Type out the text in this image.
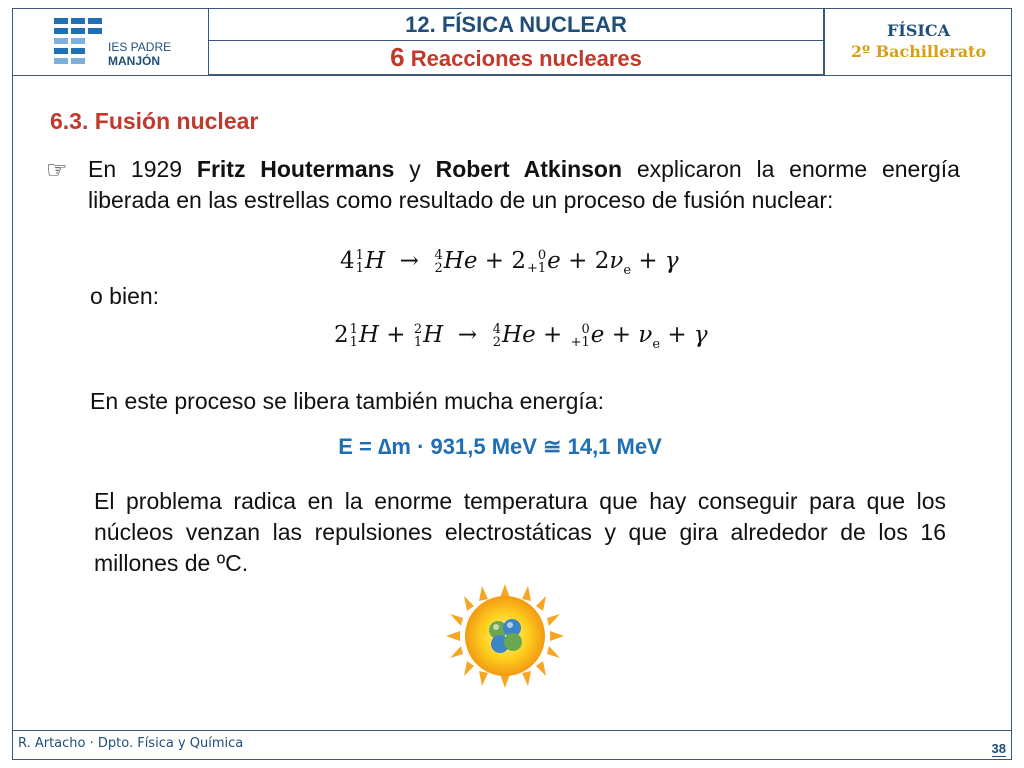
IES PADRE
MANJÓN
12. FÍSICA NUCLEAR
6 Reacciones nucleares
FÍSICA
2º Bachillerato
6.3. Fusión nuclear
☞ En 1929 Fritz Houtermans y Robert Atkinson explicaron la enorme energía liberada en las estrellas como resultado de un proceso de fusión nuclear:
4 1
1 H  → 4
2 He + 2 0
+1 $e + 2\nu_e + \gamma$
o bien:
2 1
1 H + 2
1 H  → 4
2 He +	0
+1 $e + \nu_e + \gamma$
En este proceso se libera también mucha energía:
E = ∆m · 931,5 MeV ≅ 14,1 MeV
El problema radica en la enorme temperatura que hay conseguir para que los núcleos venzan las repulsiones electrostáticas y que gira alrededor de los 16 millones de ºC.
R. Artacho · Dpto. Física y Química	38
